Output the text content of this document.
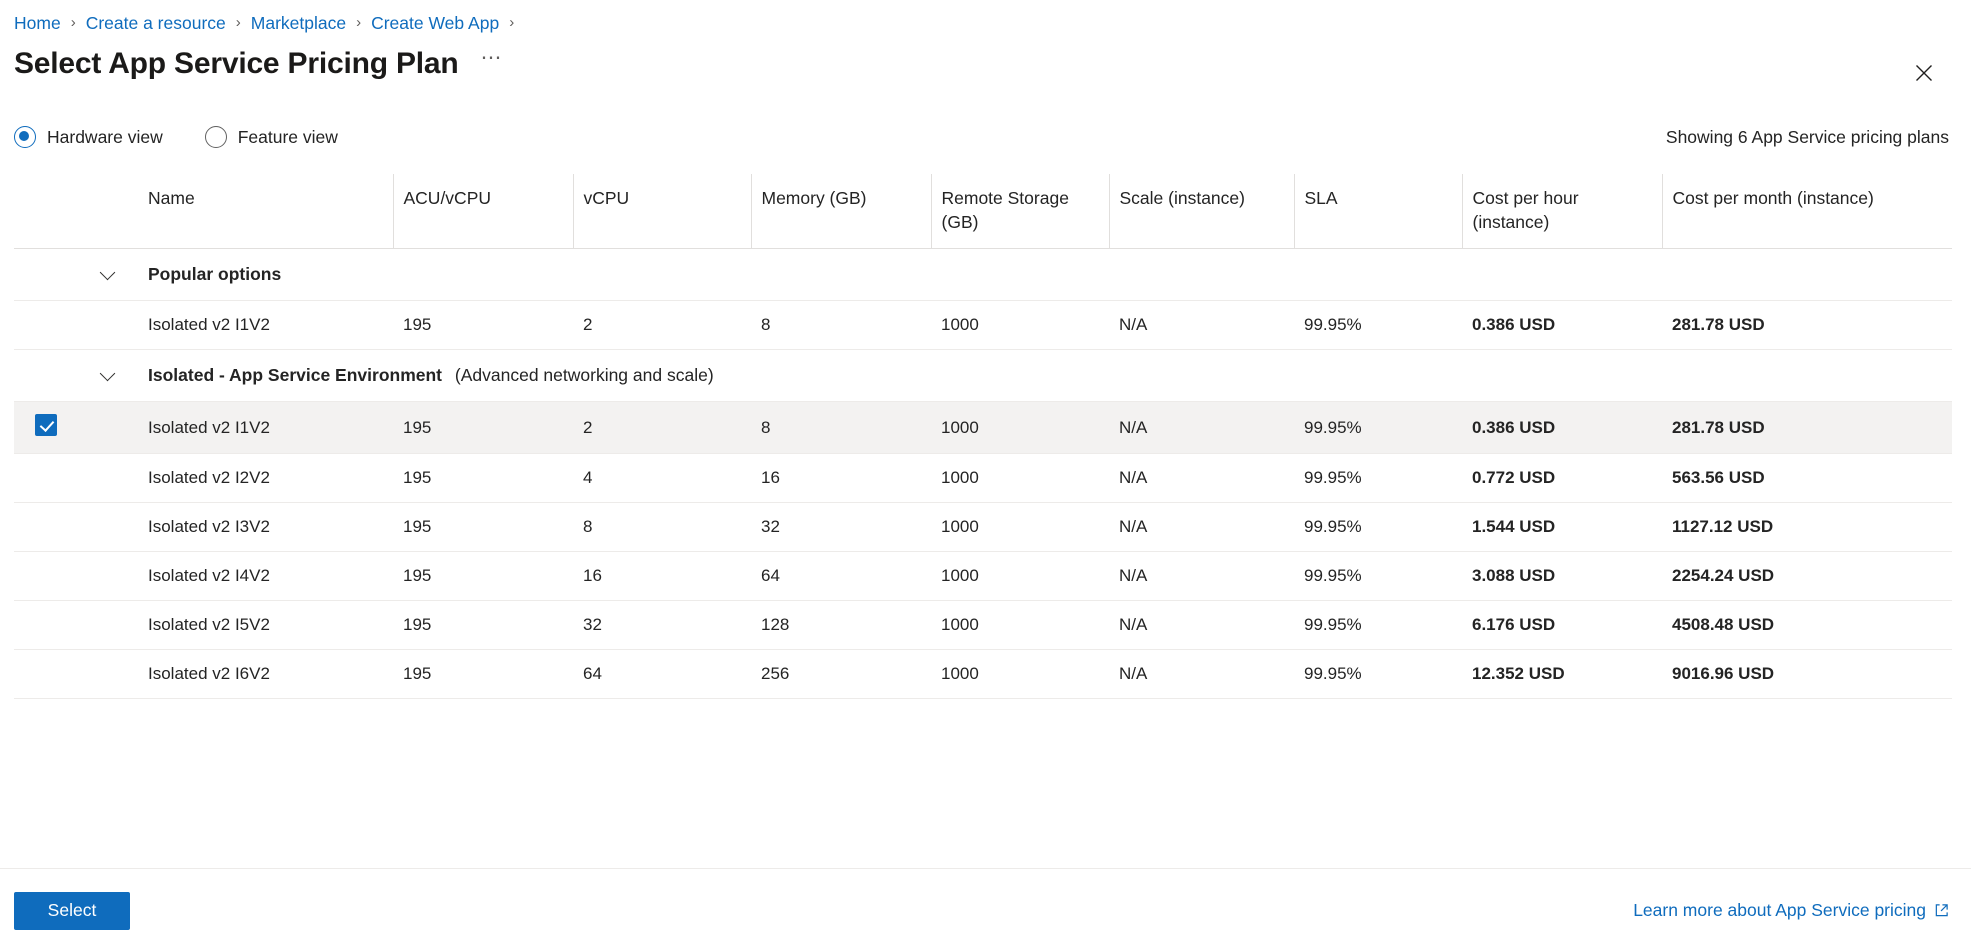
Home › Create a resource › Marketplace › Create Web App ›
Select App Service Pricing Plan ⋯
Hardware view	Feature view	Showing 6 App Service pricing plans
		Name	ACU/vCPU	vCPU	Memory (GB)	Remote Storage (GB)	Scale (instance)	SLA	Cost per hour (instance)	Cost per month (instance)
		Popular options								
		Isolated v2 I1V2	195	2	8	1000	N/A	99.95%	0.386 USD	281.78 USD
		Isolated - App Service Environment (Advanced networking and scale)								
		Isolated v2 I1V2	195	2	8	1000	N/A	99.95%	0.386 USD	281.78 USD
		Isolated v2 I2V2	195	4	16	1000	N/A	99.95%	0.772 USD	563.56 USD
		Isolated v2 I3V2	195	8	32	1000	N/A	99.95%	1.544 USD	1127.12 USD
		Isolated v2 I4V2	195	16	64	1000	N/A	99.95%	3.088 USD	2254.24 USD
		Isolated v2 I5V2	195	32	128	1000	N/A	99.95%	6.176 USD	4508.48 USD
		Isolated v2 I6V2	195	64	256	1000	N/A	99.95%	12.352 USD	9016.96 USD
Select	Learn more about App Service pricing
